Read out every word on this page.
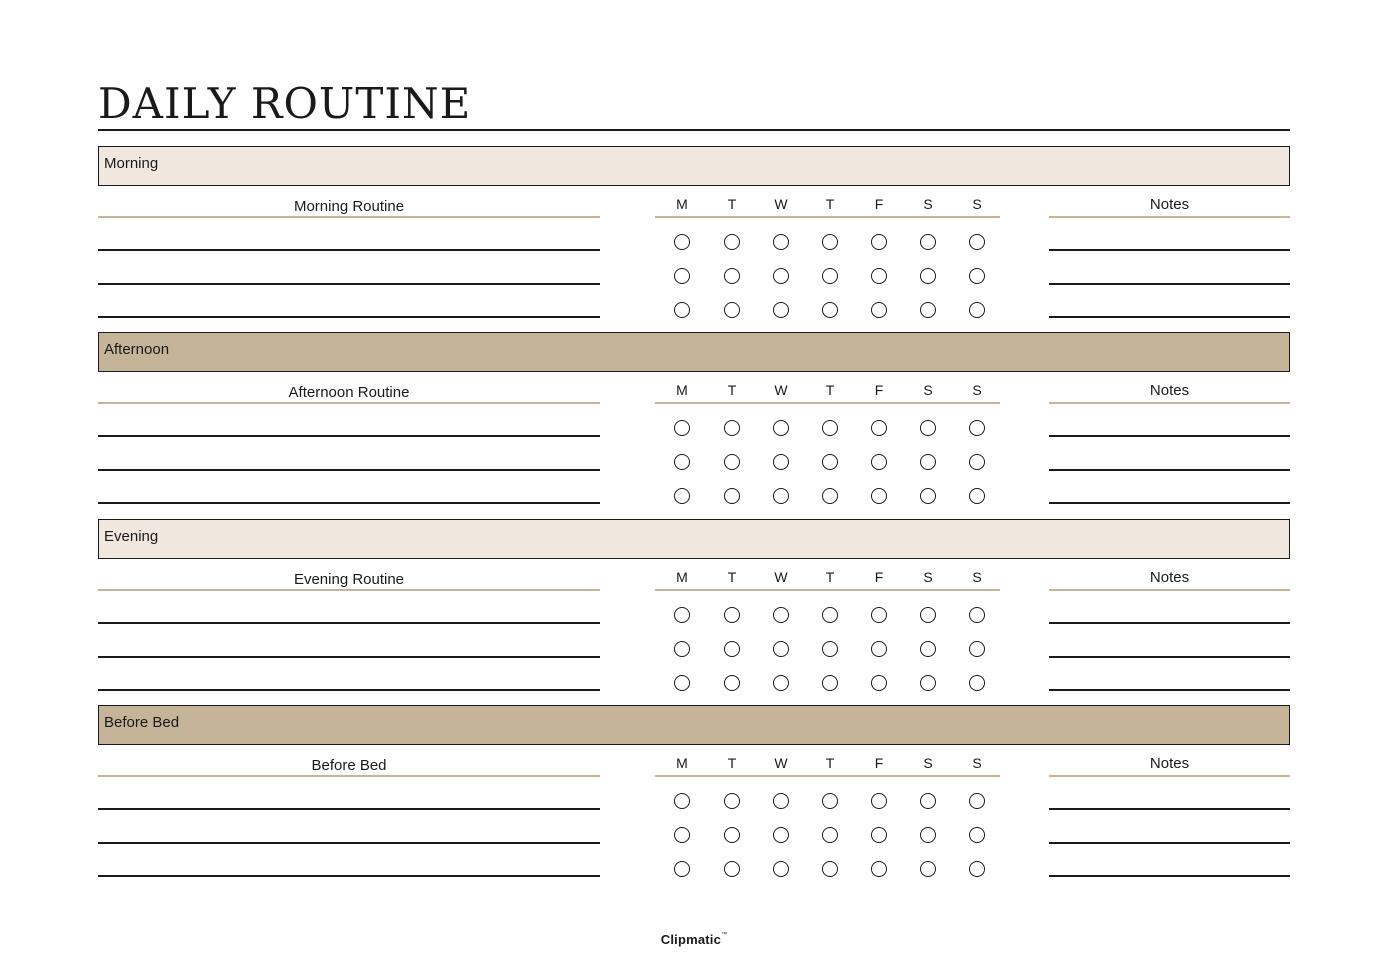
DAILY ROUTINE
Morning
Morning Routine	M	T	W	T	F	S	S	Notes
Afternoon
Afternoon Routine	M	T	W	T	F	S	S	Notes
Evening
Evening Routine	M	T	W	T	F	S	S	Notes
Before Bed
Before Bed	M	T	W	T	F	S	S	Notes
Clipmatic™
